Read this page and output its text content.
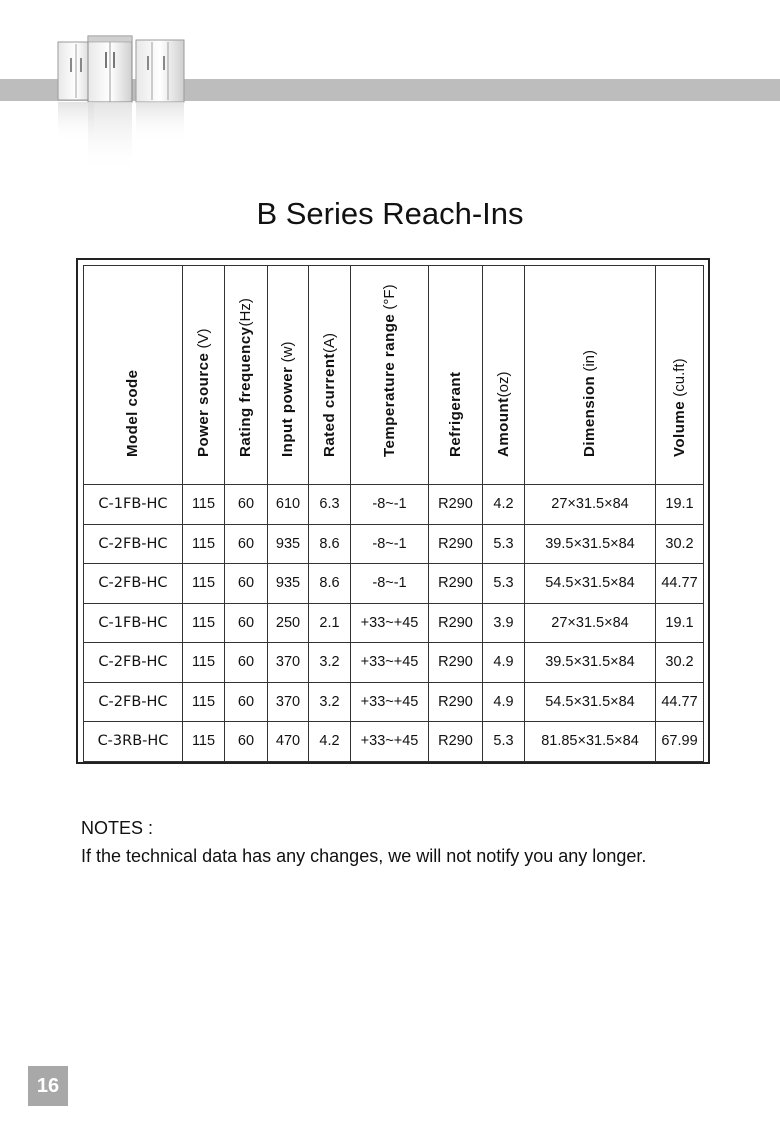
B Series Reach-Ins
Model code	Power source (V)	Rating frequency(Hz)	Input power (w)	Rated current(A)	Temperature range (°F)	Refrigerant	Amount(oz)	Dimension (in)	Volume (cu.ft)

C-1FB-HC	115	60	610	6.3	-8~-1	R290	4.2	27×31.5×84	19.1
C-2FB-HC	115	60	935	8.6	-8~-1	R290	5.3	39.5×31.5×84	30.2
C-2FB-HC	115	60	935	8.6	-8~-1	R290	5.3	54.5×31.5×84	44.77
C-1FB-HC	115	60	250	2.1	+33~+45	R290	3.9	27×31.5×84	19.1
C-2FB-HC	115	60	370	3.2	+33~+45	R290	4.9	39.5×31.5×84	30.2
C-2FB-HC	115	60	370	3.2	+33~+45	R290	4.9	54.5×31.5×84	44.77
C-3RB-HC	115	60	470	4.2	+33~+45	R290	5.3	81.85×31.5×84	67.99
NOTES :
If the technical data has any changes, we will not notify you any longer.
16
